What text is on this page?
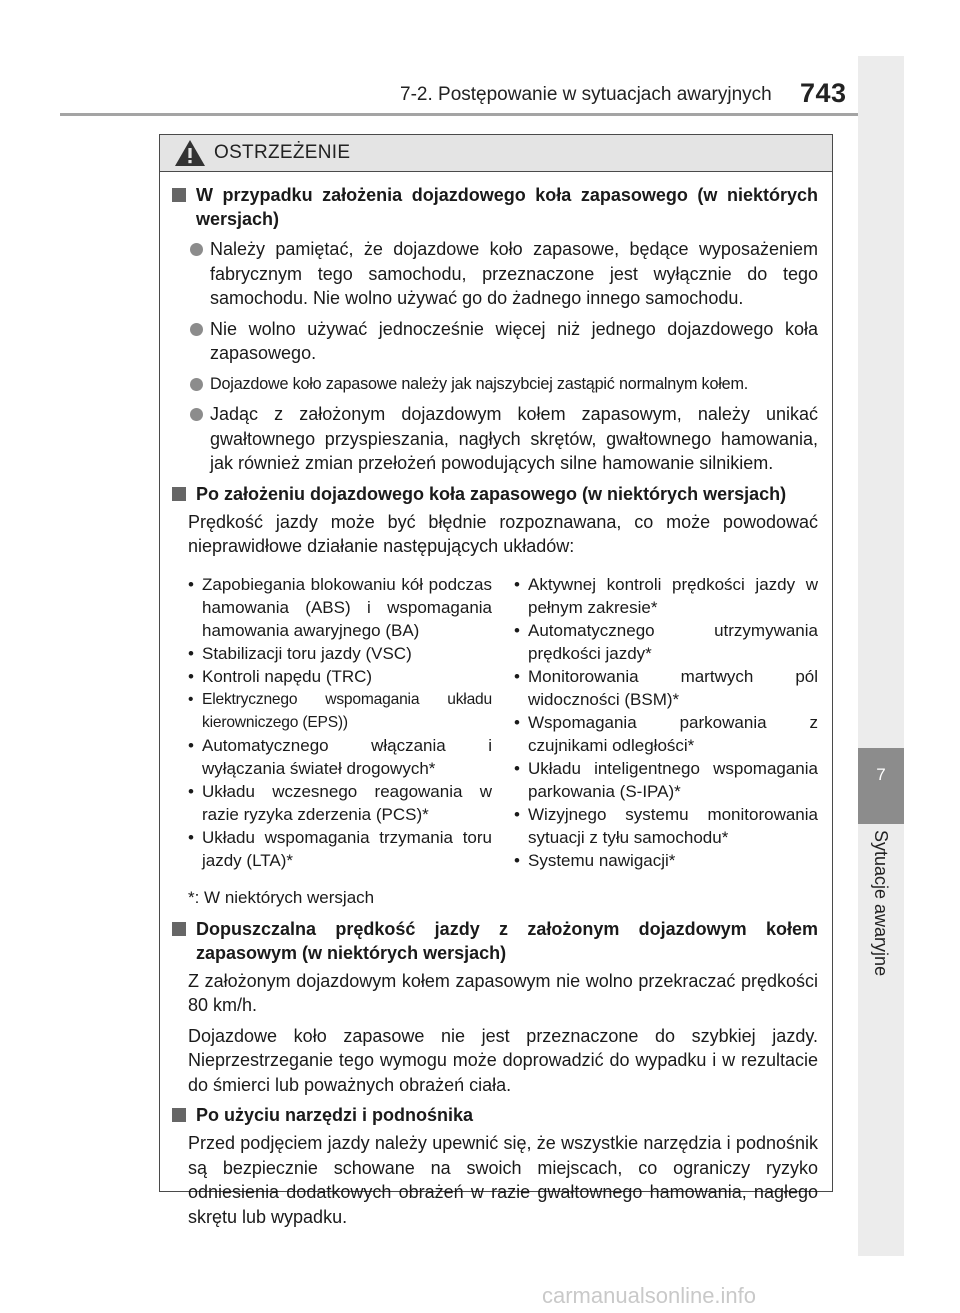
7-2. Postępowanie w sytuacjach awaryjnych 743
7
Sytuacje awaryjne
OSTRZEŻENIE
W przypadku założenia dojazdowego koła zapasowego (w niektórych wersjach)
Należy pamiętać, że dojazdowe koło zapasowe, będące wyposażeniem fabrycznym tego samochodu, przeznaczone jest wyłącznie do tego samochodu. Nie wolno używać go do żadnego innego samochodu.
Nie wolno używać jednocześnie więcej niż jednego dojazdowego koła zapasowego.
Dojazdowe koło zapasowe należy jak najszybciej zastąpić normalnym kołem.
Jadąc z założonym dojazdowym kołem zapasowym, należy unikać gwałtownego przyspieszania, nagłych skrętów, gwałtownego hamowania, jak również zmian przełożeń powodujących silne hamowanie silnikiem.
Po założeniu dojazdowego koła zapasowego (w niektórych wersjach)
Prędkość jazdy może być błędnie rozpoznawana, co może powodować nieprawidłowe działanie następujących układów:
• Zapobiegania blokowaniu kół podczas hamowania (ABS) i wspomagania hamowania awaryjnego (BA)
• Stabilizacji toru jazdy (VSC)
• Kontroli napędu (TRC)
• Elektrycznego wspomagania układu kierowniczego (EPS))
• Automatycznego włączania i wyłączania świateł drogowych*
• Układu wczesnego reagowania w razie ryzyka zderzenia (PCS)*
• Układu wspomagania trzymania toru jazdy (LTA)*
• Aktywnej kontroli prędkości jazdy w pełnym zakresie*
• Automatycznego utrzymywania prędkości jazdy*
• Monitorowania martwych pól widoczności (BSM)*
• Wspomagania parkowania z czujnikami odległości*
• Układu inteligentnego wspomagania parkowania (S-IPA)*
• Wizyjnego systemu monitorowania sytuacji z tyłu samochodu*
• Systemu nawigacji*
*: W niektórych wersjach
Dopuszczalna prędkość jazdy z założonym dojazdowym kołem zapasowym (w niektórych wersjach)
Z założonym dojazdowym kołem zapasowym nie wolno przekraczać prędkości 80 km/h.
Dojazdowe koło zapasowe nie jest przeznaczone do szybkiej jazdy. Nieprzestrzeganie tego wymogu może doprowadzić do wypadku i w rezultacie do śmierci lub poważnych obrażeń ciała.
Po użyciu narzędzi i podnośnika
Przed podjęciem jazdy należy upewnić się, że wszystkie narzędzia i podnośnik są bezpiecznie schowane na swoich miejscach, co ograniczy ryzyko odniesienia dodatkowych obrażeń w razie gwałtownego hamowania, nagłego skrętu lub wypadku.
carmanualsonline.info
